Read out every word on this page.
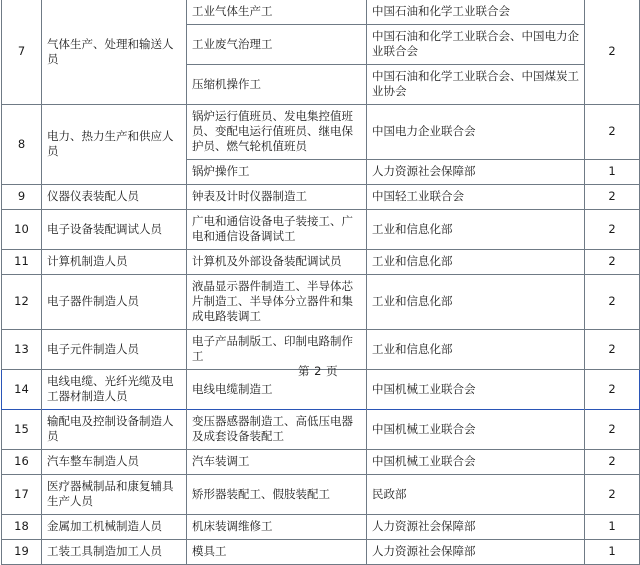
7	气体生产、处理和输送人员	工业气体生产工	中国石油和化学工业联合会	2
		工业废气治理工	中国石油和化学工业联合会、中国电力企业联合会	
		压缩机操作工	中国石油和化学工业联合会、中国煤炭工业协会	
8	电力、热力生产和供应人员	锅炉运行值班员、发电集控值班员、变配电运行值班员、继电保护员、燃气轮机值班员	中国电力企业联合会	2
		锅炉操作工	人力资源社会保障部	1
9	仪器仪表装配人员	钟表及计时仪器制造工	中国轻工业联合会	2
10	电子设备装配调试人员	广电和通信设备电子装接工、广电和通信设备调试工	工业和信息化部	2
11	计算机制造人员	计算机及外部设备装配调试员	工业和信息化部	2
12	电子器件制造人员	液晶显示器件制造工、半导体芯片制造工、半导体分立器件和集成电路装调工	工业和信息化部	2
13	电子元件制造人员	电子产品制版工、印制电路制作工	工业和信息化部	2
14	电线电缆、光纤光缆及电工器材制造人员	电线电缆制造工	中国机械工业联合会	2
15	输配电及控制设备制造人员	变压器感器制造工、高低压电器及成套设备装配工	中国机械工业联合会	2
16	汽车整车制造人员	汽车装调工	中国机械工业联合会	2
17	医疗器械制品和康复辅具生产人员	矫形器装配工、假肢装配工	民政部	2
18	金属加工机械制造人员	机床装调维修工	人力资源社会保障部	1
19	工装工具制造加工人员	模具工	人力资源社会保障部	1
第 2 页
